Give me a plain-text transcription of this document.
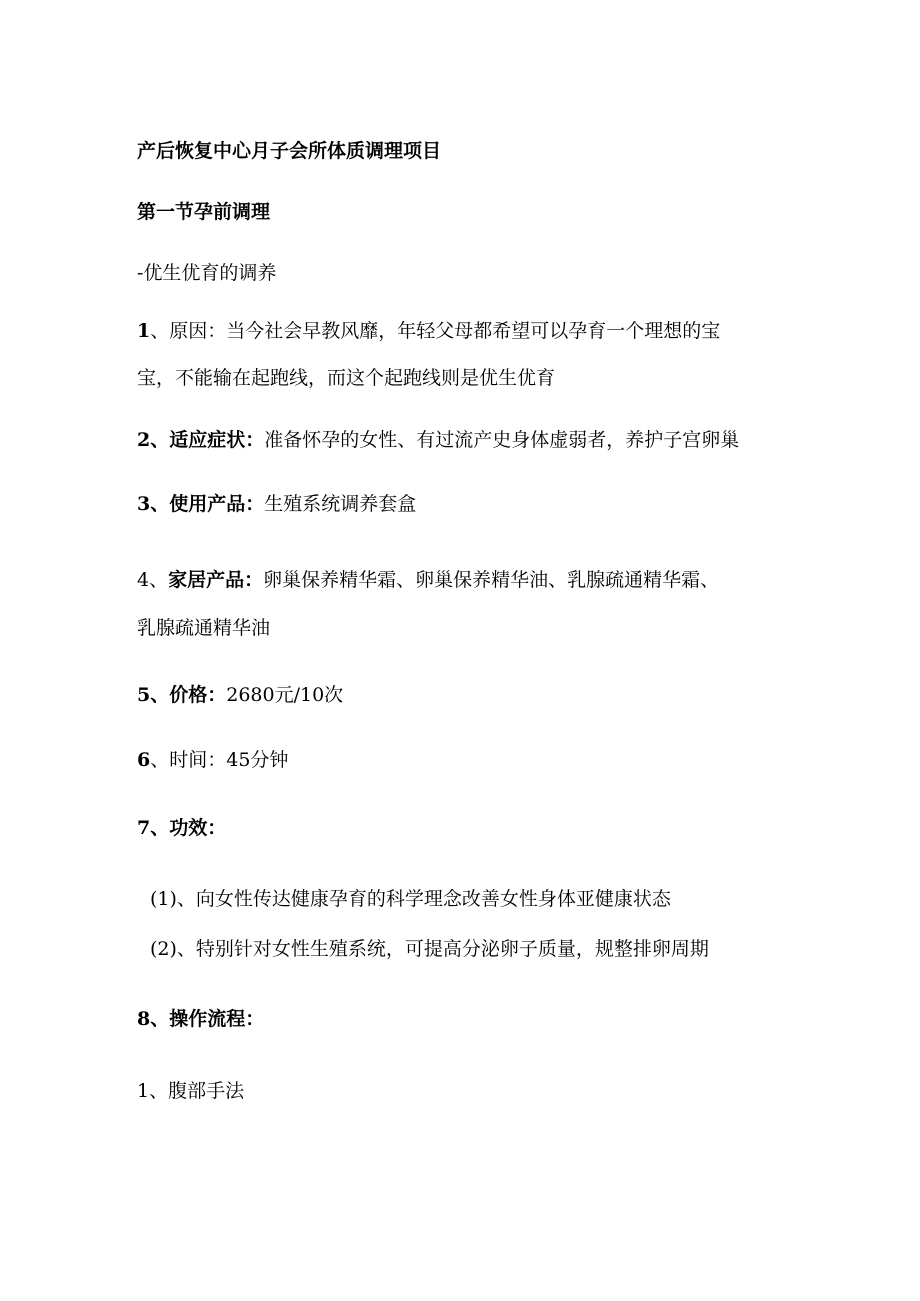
产后恢复中心月子会所体质调理项目
第一节孕前调理
-优生优育的调养
1、原因：当今社会早教风靡，年轻父母都希望可以孕育一个理想的宝
宝，不能输在起跑线，而这个起跑线则是优生优育
2、适应症状：准备怀孕的女性、有过流产史身体虚弱者，养护子宫卵巢
3、使用产品：生殖系统调养套盒
4、家居产品：卵巢保养精华霜、卵巢保养精华油、乳腺疏通精华霜、
乳腺疏通精华油
5、价格：2680元/10次
6、时间：45分钟
7、功效：
(1)、向女性传达健康孕育的科学理念改善女性身体亚健康状态
(2)、特别针对女性生殖系统，可提高分泌卵子质量，规整排卵周期
8、操作流程：
1、腹部手法
